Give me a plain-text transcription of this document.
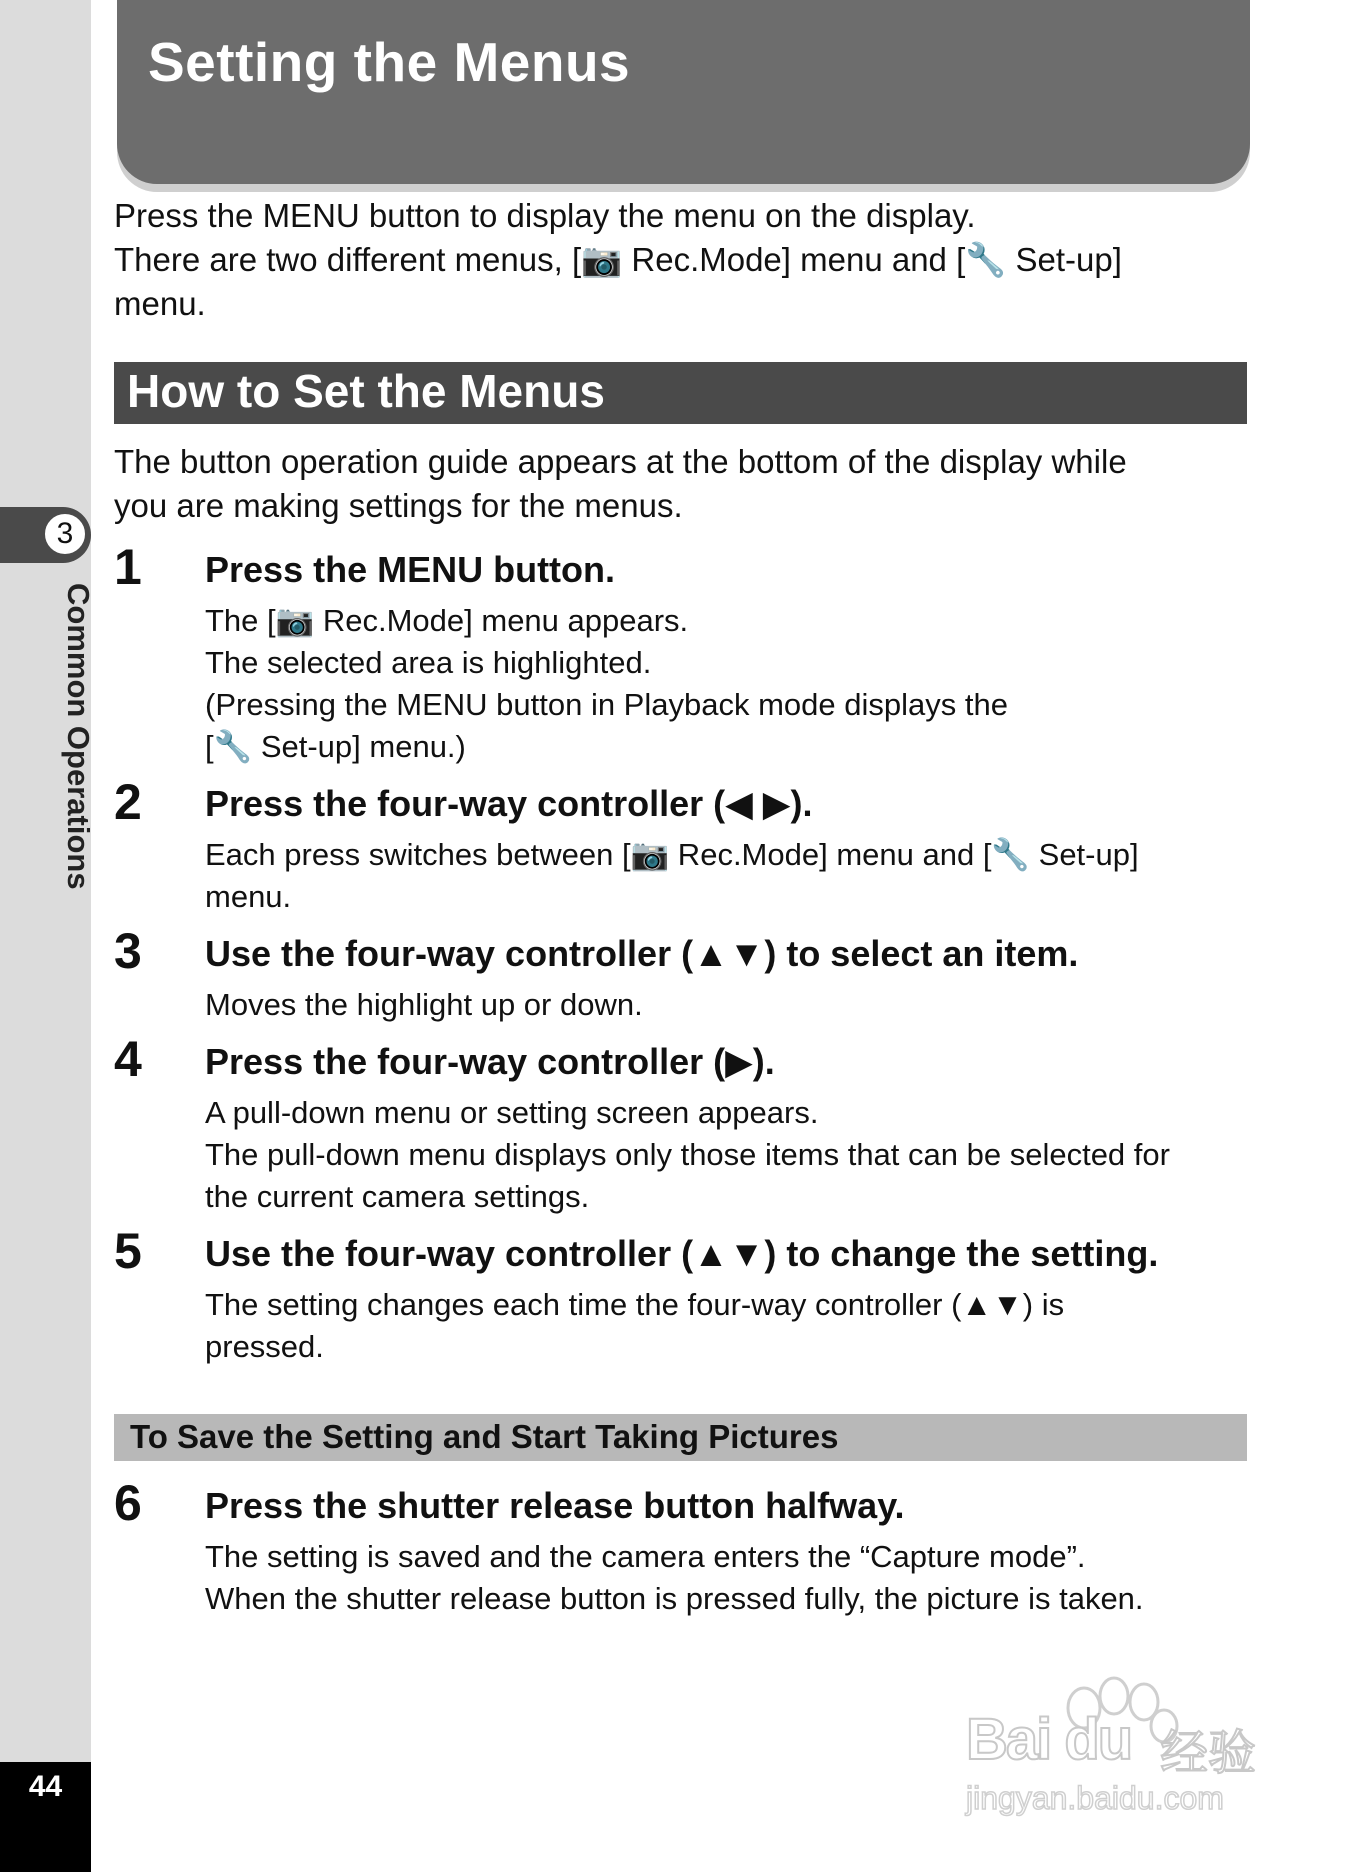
3
Common Operations
44
Setting the Menus

Press the MENU button to display the menu on the display.

There are two different menus, [📷 Rec.Mode] menu and [🔧 Set-up]

menu.

How to Set the Menus

The button operation guide appears at the bottom of the display while

you are making settings for the menus.

1 Press the MENU button.

The [📷 Rec.Mode] menu appears.

The selected area is highlighted.

(Pressing the MENU button in Playback mode displays the

[🔧 Set-up] menu.)

2 Press the four-way controller (◀ ▶).

Each press switches between [📷 Rec.Mode] menu and [🔧 Set-up]

menu.

3 Use the four-way controller (▲▼) to select an item.

Moves the highlight up or down.

4 Press the four-way controller (▶).

A pull-down menu or setting screen appears.

The pull-down menu displays only those items that can be selected for

the current camera settings.

5 Use the four-way controller (▲▼) to change the setting.

The setting changes each time the four-way controller (▲▼) is

pressed.

To Save the Setting and Start Taking Pictures
6 Press the shutter release button halfway.

The setting is saved and the camera enters the “Capture mode”.

When the shutter release button is pressed fully, the picture is taken.

Bai du 经验
jingyan.baidu.com
